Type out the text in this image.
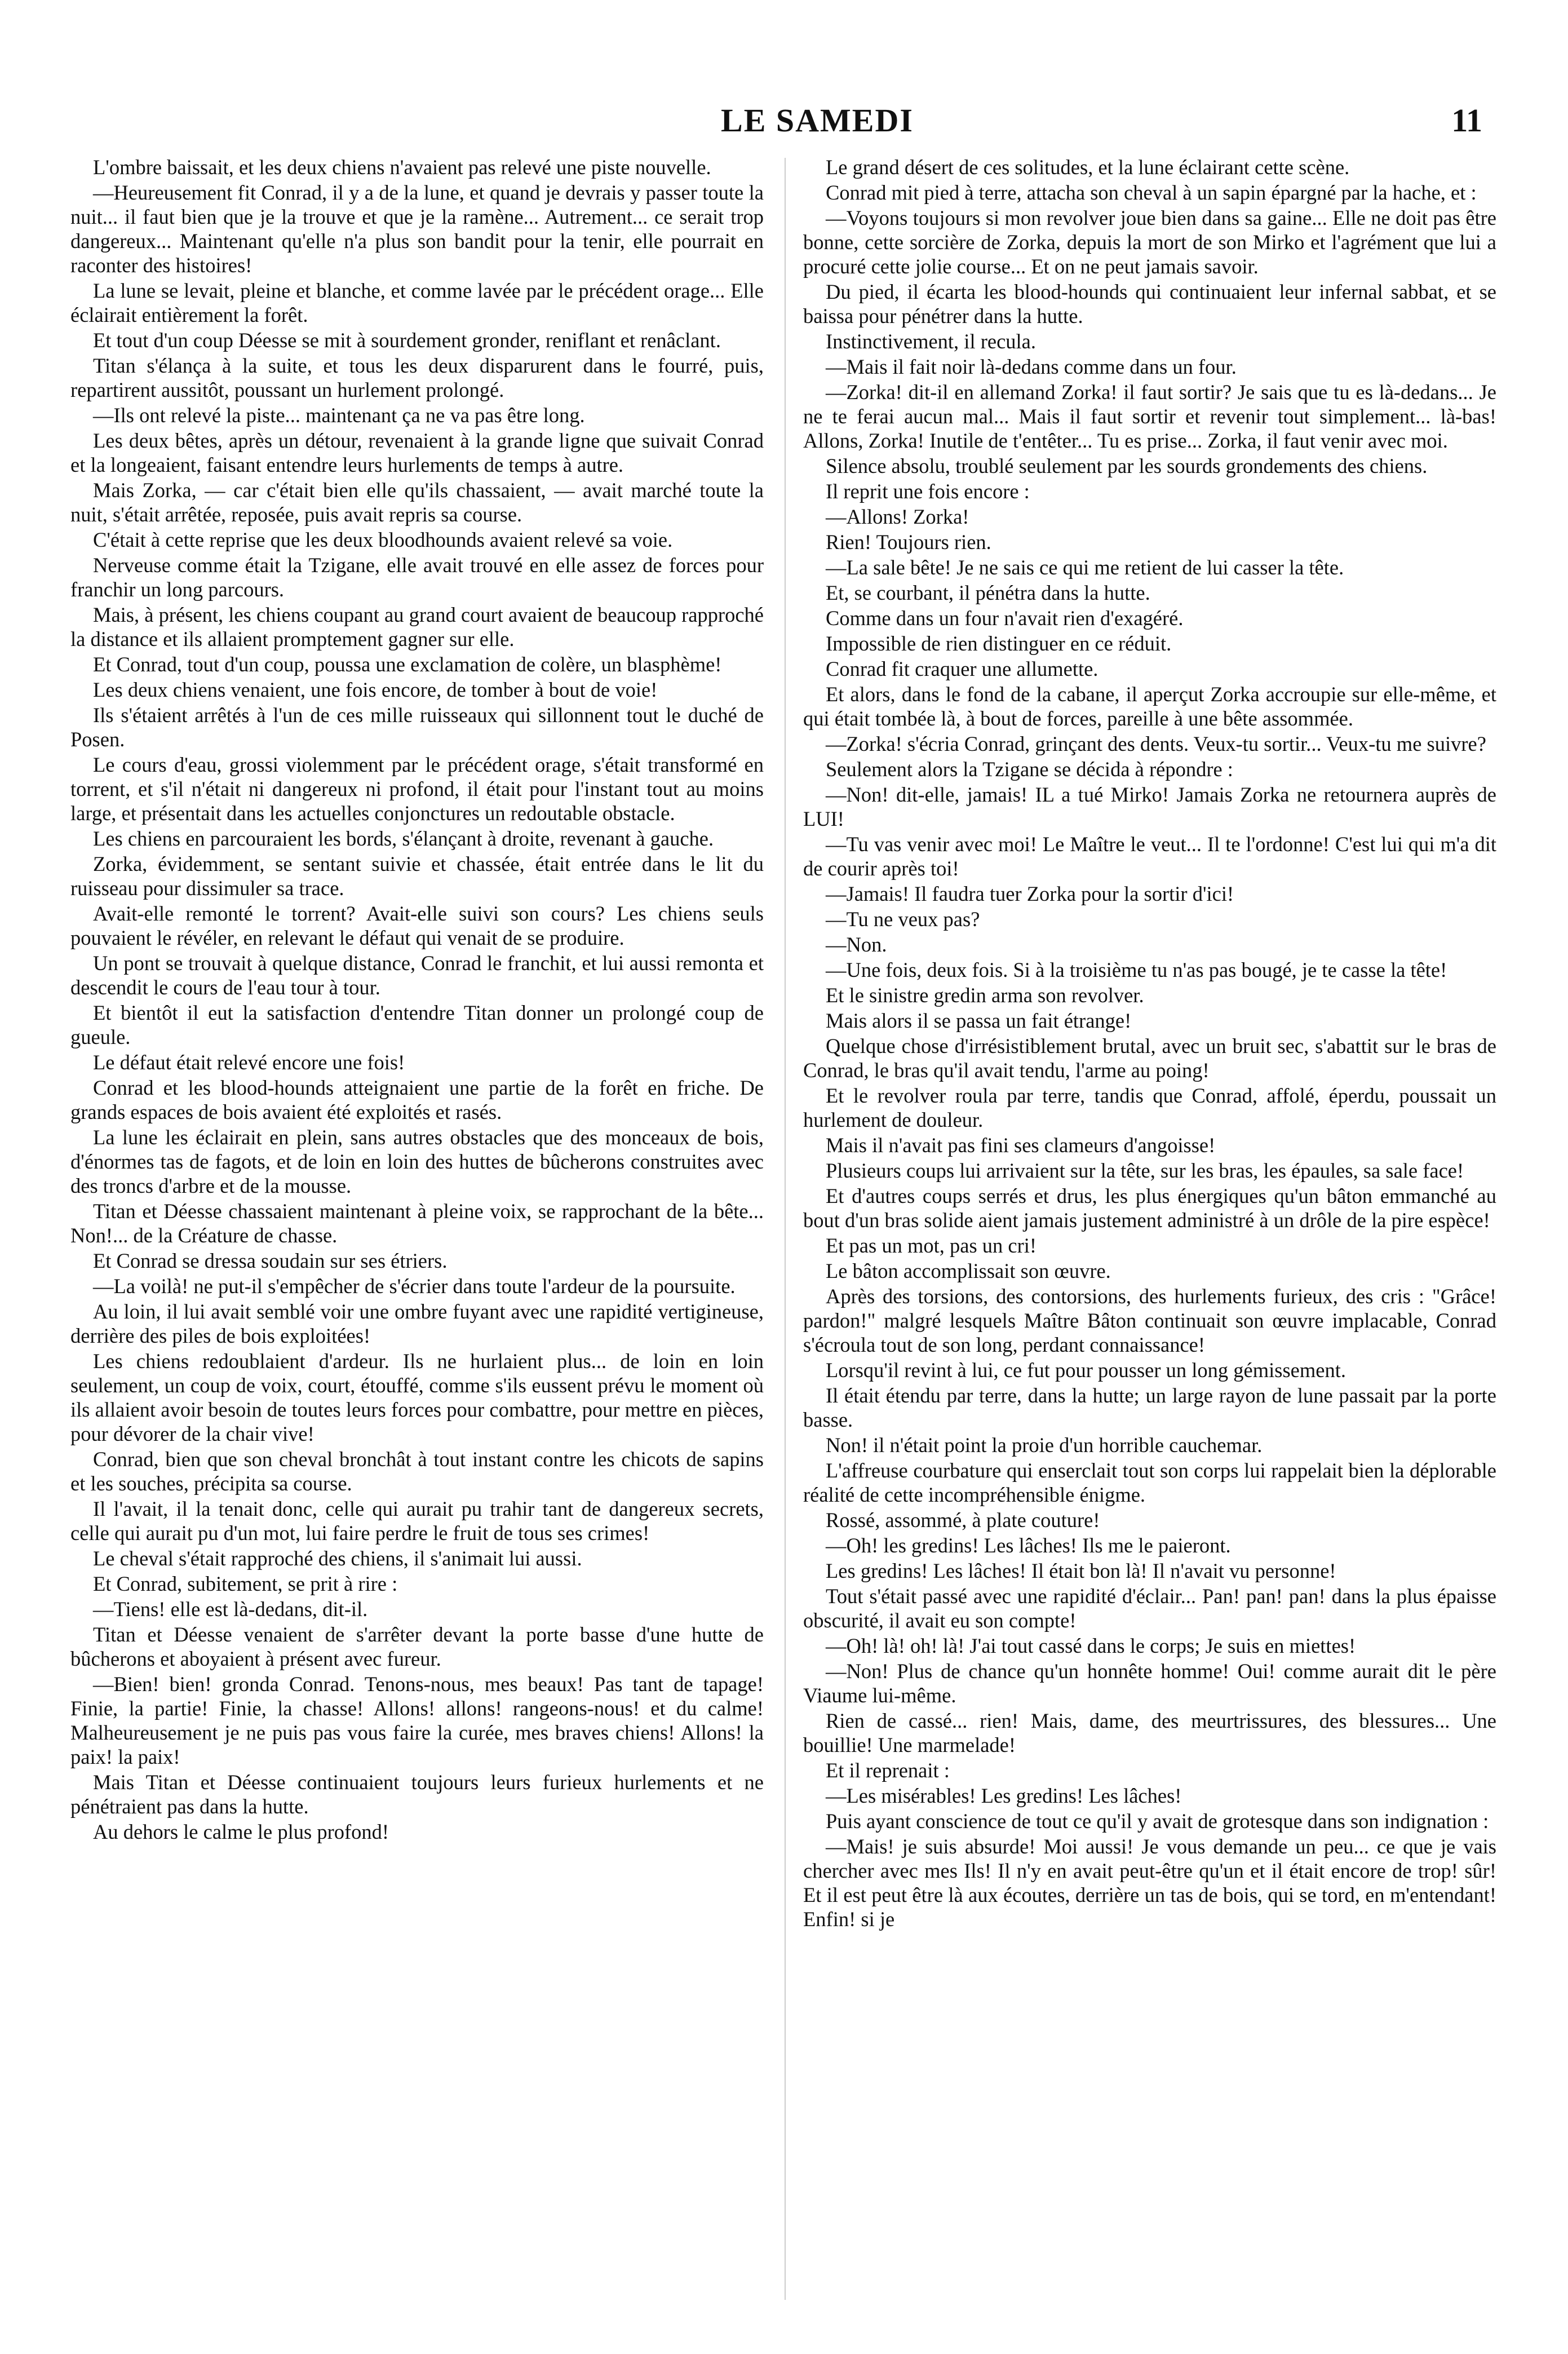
LE SAMEDI	11

L'ombre baissait, et les deux chiens n'avaient pas relevé une piste nouvelle.

—Heureusement fit Conrad, il y a de la lune, et quand je devrais y passer toute la nuit... il faut bien que je la trouve et que je la ramène... Autrement... ce serait trop dangereux... Maintenant qu'elle n'a plus son bandit pour la tenir, elle pourrait en raconter des histoires!

La lune se levait, pleine et blanche, et comme lavée par le précédent orage... Elle éclairait entièrement la forêt.

Et tout d'un coup Déesse se mit à sourdement gronder, reniflant et renâclant.

Titan s'élança à la suite, et tous les deux disparurent dans le fourré, puis, repartirent aussitôt, poussant un hurlement prolongé.

—Ils ont relevé la piste... maintenant ça ne va pas être long.

Les deux bêtes, après un détour, revenaient à la grande ligne que suivait Conrad et la longeaient, faisant entendre leurs hurlements de temps à autre.

Mais Zorka, — car c'était bien elle qu'ils chassaient, — avait marché toute la nuit, s'était arrêtée, reposée, puis avait repris sa course.

C'était à cette reprise que les deux bloodhounds avaient relevé sa voie.

Nerveuse comme était la Tzigane, elle avait trouvé en elle assez de forces pour franchir un long parcours.

Mais, à présent, les chiens coupant au grand court avaient de beaucoup rapproché la distance et ils allaient promptement gagner sur elle.

Et Conrad, tout d'un coup, poussa une exclamation de colère, un blasphème!

Les deux chiens venaient, une fois encore, de tomber à bout de voie!

Ils s'étaient arrêtés à l'un de ces mille ruisseaux qui sillonnent tout le duché de Posen.

Le cours d'eau, grossi violemment par le précédent orage, s'était transformé en torrent, et s'il n'était ni dangereux ni profond, il était pour l'instant tout au moins large, et présentait dans les actuelles conjonctures un redoutable obstacle.

Les chiens en parcouraient les bords, s'élançant à droite, revenant à gauche.

Zorka, évidemment, se sentant suivie et chassée, était entrée dans le lit du ruisseau pour dissimuler sa trace.

Avait-elle remonté le torrent? Avait-elle suivi son cours? Les chiens seuls pouvaient le révéler, en relevant le défaut qui venait de se produire.

Un pont se trouvait à quelque distance, Conrad le franchit, et lui aussi remonta et descendit le cours de l'eau tour à tour.

Et bientôt il eut la satisfaction d'entendre Titan donner un prolongé coup de gueule.

Le défaut était relevé encore une fois!

Conrad et les blood-hounds atteignaient une partie de la forêt en friche. De grands espaces de bois avaient été exploités et rasés.

La lune les éclairait en plein, sans autres obstacles que des monceaux de bois, d'énormes tas de fagots, et de loin en loin des huttes de bûcherons construites avec des troncs d'arbre et de la mousse.

Titan et Déesse chassaient maintenant à pleine voix, se rapprochant de la bête... Non!... de la Créature de chasse.

Et Conrad se dressa soudain sur ses étriers.

—La voilà! ne put-il s'empêcher de s'écrier dans toute l'ardeur de la poursuite.

Au loin, il lui avait semblé voir une ombre fuyant avec une rapidité vertigineuse, derrière des piles de bois exploitées!

Les chiens redoublaient d'ardeur. Ils ne hurlaient plus... de loin en loin seulement, un coup de voix, court, étouffé, comme s'ils eussent prévu le moment où ils allaient avoir besoin de toutes leurs forces pour combattre, pour mettre en pièces, pour dévorer de la chair vive!

Conrad, bien que son cheval bronchât à tout instant contre les chicots de sapins et les souches, précipita sa course.

Il l'avait, il la tenait donc, celle qui aurait pu trahir tant de dangereux secrets, celle qui aurait pu d'un mot, lui faire perdre le fruit de tous ses crimes!

Le cheval s'était rapproché des chiens, il s'animait lui aussi.

Et Conrad, subitement, se prit à rire :

—Tiens! elle est là-dedans, dit-il.

Titan et Déesse venaient de s'arrêter devant la porte basse d'une hutte de bûcherons et aboyaient à présent avec fureur.

—Bien! bien! gronda Conrad. Tenons-nous, mes beaux! Pas tant de tapage! Finie, la partie! Finie, la chasse! Allons! allons! rangeons-nous! et du calme! Malheureusement je ne puis pas vous faire la curée, mes braves chiens! Allons! la paix! la paix!

Mais Titan et Déesse continuaient toujours leurs furieux hurlements et ne pénétraient pas dans la hutte.

Au dehors le calme le plus profond!

Le grand désert de ces solitudes, et la lune éclairant cette scène.

Conrad mit pied à terre, attacha son cheval à un sapin épargné par la hache, et :

—Voyons toujours si mon revolver joue bien dans sa gaine... Elle ne doit pas être bonne, cette sorcière de Zorka, depuis la mort de son Mirko et l'agrément que lui a procuré cette jolie course... Et on ne peut jamais savoir.

Du pied, il écarta les blood-hounds qui continuaient leur infernal sabbat, et se baissa pour pénétrer dans la hutte.

Instinctivement, il recula.

—Mais il fait noir là-dedans comme dans un four.

—Zorka! dit-il en allemand Zorka! il faut sortir? Je sais que tu es là-dedans... Je ne te ferai aucun mal... Mais il faut sortir et revenir tout simplement... là-bas! Allons, Zorka! Inutile de t'entêter... Tu es prise... Zorka, il faut venir avec moi.

Silence absolu, troublé seulement par les sourds grondements des chiens.

Il reprit une fois encore :

—Allons! Zorka!

Rien! Toujours rien.

—La sale bête! Je ne sais ce qui me retient de lui casser la tête.

Et, se courbant, il pénétra dans la hutte.

Comme dans un four n'avait rien d'exagéré.

Impossible de rien distinguer en ce réduit.

Conrad fit craquer une allumette.

Et alors, dans le fond de la cabane, il aperçut Zorka accroupie sur elle-même, et qui était tombée là, à bout de forces, pareille à une bête assommée.

—Zorka! s'écria Conrad, grinçant des dents. Veux-tu sortir... Veux-tu me suivre?

Seulement alors la Tzigane se décida à répondre :

—Non! dit-elle, jamais! IL a tué Mirko! Jamais Zorka ne retournera auprès de LUI!

—Tu vas venir avec moi! Le Maître le veut... Il te l'ordonne! C'est lui qui m'a dit de courir après toi!

—Jamais! Il faudra tuer Zorka pour la sortir d'ici!

—Tu ne veux pas?

—Non.

—Une fois, deux fois. Si à la troisième tu n'as pas bougé, je te casse la tête!

Et le sinistre gredin arma son revolver.

Mais alors il se passa un fait étrange!

Quelque chose d'irrésistiblement brutal, avec un bruit sec, s'abattit sur le bras de Conrad, le bras qu'il avait tendu, l'arme au poing!

Et le revolver roula par terre, tandis que Conrad, affolé, éperdu, poussait un hurlement de douleur.

Mais il n'avait pas fini ses clameurs d'angoisse!

Plusieurs coups lui arrivaient sur la tête, sur les bras, les épaules, sa sale face!

Et d'autres coups serrés et drus, les plus énergiques qu'un bâton emmanché au bout d'un bras solide aient jamais justement administré à un drôle de la pire espèce!

Et pas un mot, pas un cri!

Le bâton accomplissait son œuvre.

Après des torsions, des contorsions, des hurlements furieux, des cris : "Grâce! pardon!" malgré lesquels Maître Bâton continuait son œuvre implacable, Conrad s'écroula tout de son long, perdant connaissance!

Lorsqu'il revint à lui, ce fut pour pousser un long gémissement.

Il était étendu par terre, dans la hutte; un large rayon de lune passait par la porte basse.

Non! il n'était point la proie d'un horrible cauchemar.

L'affreuse courbature qui enserclait tout son corps lui rappelait bien la déplorable réalité de cette incompréhensible énigme.

Rossé, assommé, à plate couture!

—Oh! les gredins! Les lâches! Ils me le paieront.

Les gredins! Les lâches! Il était bon là! Il n'avait vu personne!

Tout s'était passé avec une rapidité d'éclair... Pan! pan! pan! dans la plus épaisse obscurité, il avait eu son compte!

—Oh! là! oh! là! J'ai tout cassé dans le corps; Je suis en miettes!

—Non! Plus de chance qu'un honnête homme! Oui! comme aurait dit le père Viaume lui-même.

Rien de cassé... rien! Mais, dame, des meurtrissures, des blessures... Une bouillie! Une marmelade!

Et il reprenait :

—Les misérables! Les gredins! Les lâches!

Puis ayant conscience de tout ce qu'il y avait de grotesque dans son indignation :

—Mais! je suis absurde! Moi aussi! Je vous demande un peu... ce que je vais chercher avec mes Ils! Il n'y en avait peut-être qu'un et il était encore de trop! sûr! Et il est peut être là aux écoutes, derrière un tas de bois, qui se tord, en m'entendant! Enfin! si je
